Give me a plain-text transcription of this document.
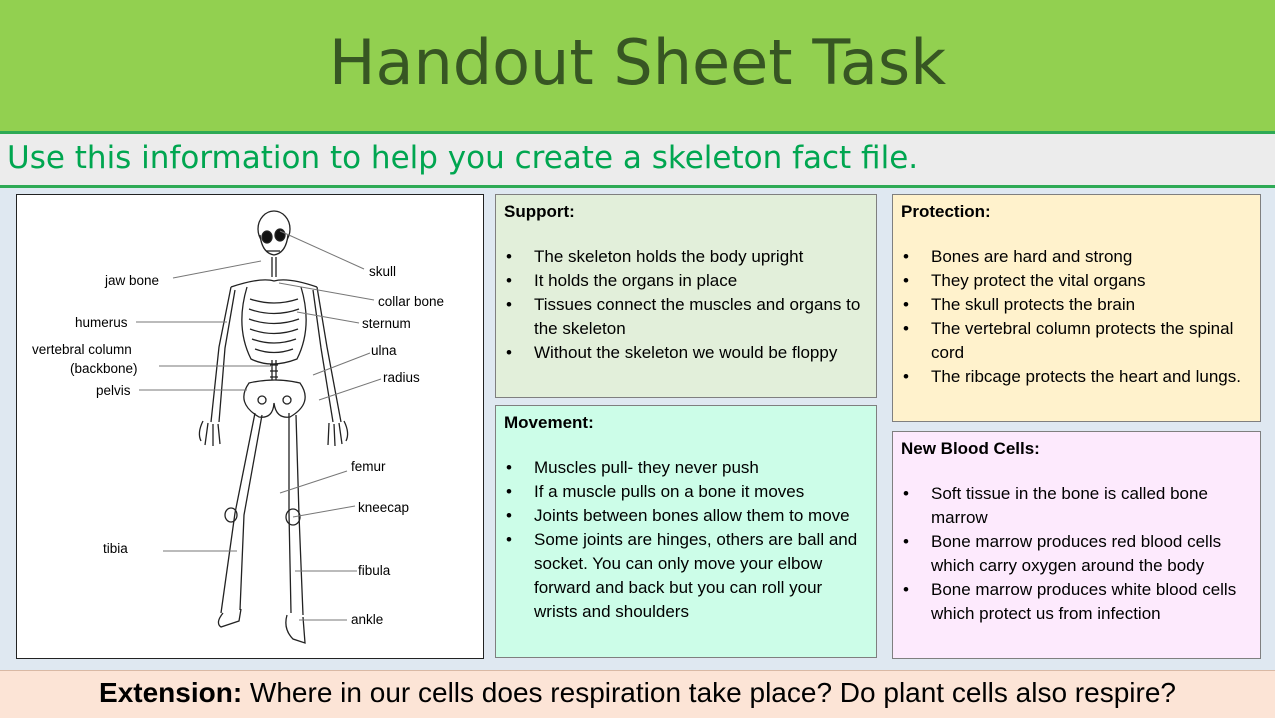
Handout Sheet Task
Use this information to help you create a skeleton fact file.
skull
jaw bone
collar bone
humerus	sternum
vertebral column
(backbone)
ulna
radius
pelvis
femur
kneecap
tibia
fibula
ankle
Support:
• The skeleton holds the body upright
• It holds the organs in place
• Tissues connect the muscles and organs to the skeleton
• Without the skeleton we would be floppy
Movement:
• Muscles pull- they never push
• If a muscle pulls on a bone it moves
• Joints between bones allow them to move
• Some joints are hinges, others are ball and socket. You can only move your elbow forward and back but you can roll your wrists and shoulders
Protection:
• Bones are hard and strong
• They protect the vital organs
• The skull protects the brain
• The vertebral column protects the spinal cord
• The ribcage protects the heart and lungs.
New Blood Cells:
• Soft tissue in the bone is called bone marrow
• Bone marrow produces red blood cells which carry oxygen around the body
• Bone marrow produces white blood cells which protect us from infection
Extension: Where in our cells does respiration take place? Do plant cells also respire?
